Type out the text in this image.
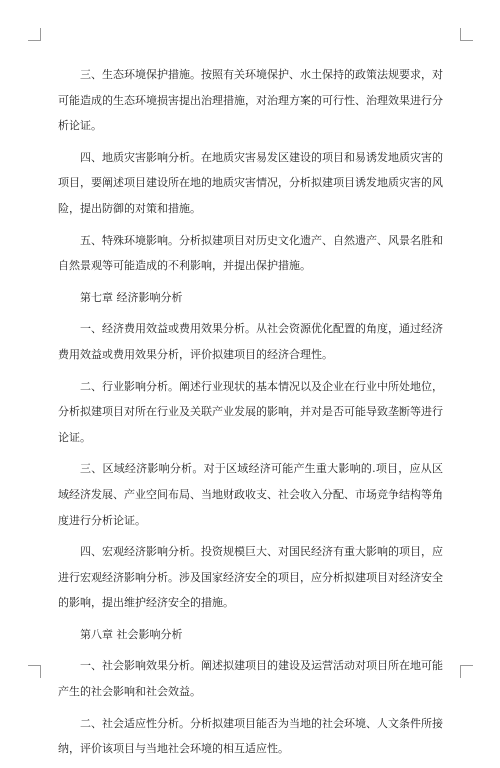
三、生态环境保护措施。按照有关环境保护、水土保持的政策法规要求，对可能造成的生态环境损害提出治理措施，对治理方案的可行性、治理效果进行分析论证。

四、地质灾害影响分析。在地质灾害易发区建设的项目和易诱发地质灾害的项目，要阐述项目建设所在地的地质灾害情况，分析拟建项目诱发地质灾害的风险，提出防御的对策和措施。

五、特殊环境影响。分析拟建项目对历史文化遗产、自然遗产、风景名胜和自然景观等可能造成的不利影响，并提出保护措施。

第七章 经济影响分析

一、经济费用效益或费用效果分析。从社会资源优化配置的角度，通过经济费用效益或费用效果分析，评价拟建项目的经济合理性。

二、行业影响分析。阐述行业现状的基本情况以及企业在行业中所处地位，分析拟建项目对所在行业及关联产业发展的影响，并对是否可能导致垄断等进行论证。

三、区域经济影响分析。对于区域经济可能产生重大影响的.项目，应从区域经济发展、产业空间布局、当地财政收支、社会收入分配、市场竞争结构等角度进行分析论证。

四、宏观经济影响分析。投资规模巨大、对国民经济有重大影响的项目，应进行宏观经济影响分析。涉及国家经济安全的项目，应分析拟建项目对经济安全的影响，提出维护经济安全的措施。

第八章 社会影响分析

一、社会影响效果分析。阐述拟建项目的建设及运营活动对项目所在地可能产生的社会影响和社会效益。

二、社会适应性分析。分析拟建项目能否为当地的社会环境、人文条件所接纳，评价该项目与当地社会环境的相互适应性。
